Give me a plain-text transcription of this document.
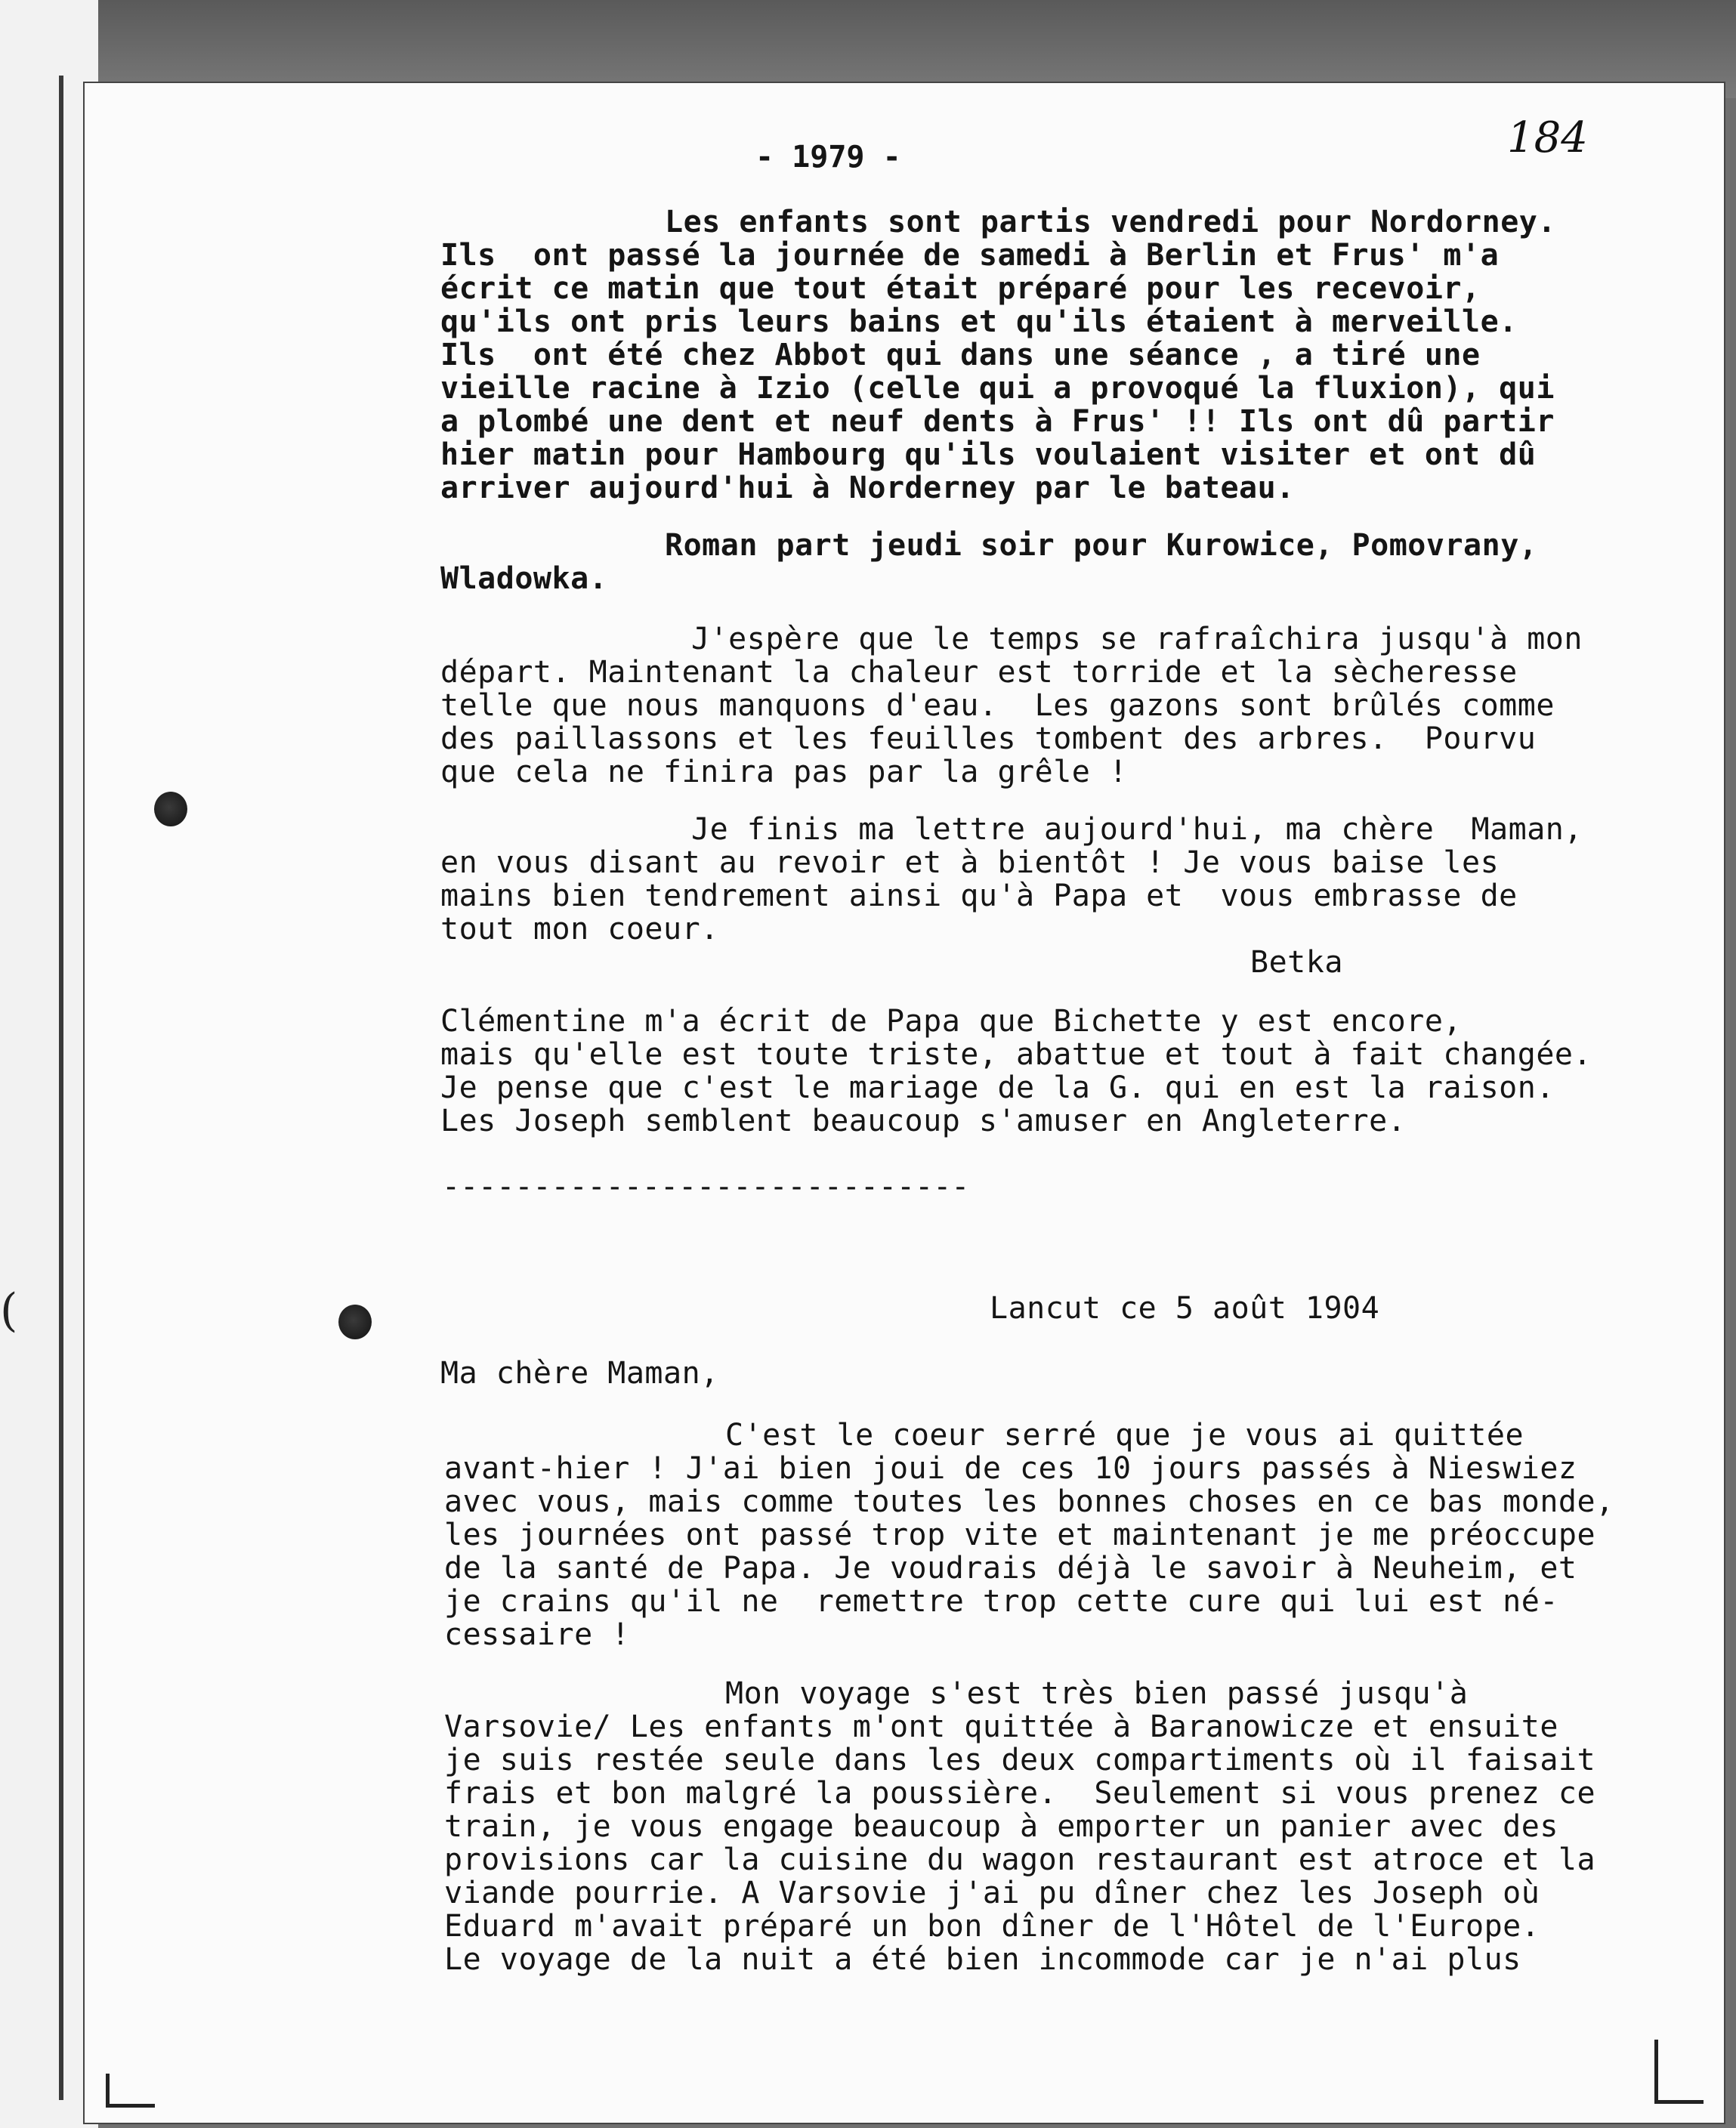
(
- 1979 -	184
Les enfants sont partis vendredi pour Nordorney.
Ils  ont passé la journée de samedi à Berlin et Frus' m'a
écrit ce matin que tout était préparé pour les recevoir,
qu'ils ont pris leurs bains et qu'ils étaient à merveille.
Ils  ont été chez Abbot qui dans une séance , a tiré une
vieille racine à Izio (celle qui a provoqué la fluxion), qui
a plombé une dent et neuf dents à Frus' !! Ils ont dû partir
hier matin pour Hambourg qu'ils voulaient visiter et ont dû
arriver aujourd'hui à Norderney par le bateau.
Roman part jeudi soir pour Kurowice, Pomovrany,
Wladowka.
J'espère que le temps se rafraîchira jusqu'à mon
départ. Maintenant la chaleur est torride et la sècheresse
telle que nous manquons d'eau.  Les gazons sont brûlés comme
des paillassons et les feuilles tombent des arbres.  Pourvu
que cela ne finira pas par la grêle !
Je finis ma lettre aujourd'hui, ma chère  Maman,
en vous disant au revoir et à bientôt ! Je vous baise les
mains bien tendrement ainsi qu'à Papa et  vous embrasse de
tout mon coeur.
Betka
Clémentine m'a écrit de Papa que Bichette y est encore,
mais qu'elle est toute triste, abattue et tout à fait changée.
Je pense que c'est le mariage de la G. qui en est la raison.
Les Joseph semblent beaucoup s'amuser en Angleterre.
-----------------------------
Lancut ce 5 août 1904
Ma chère Maman,
C'est le coeur serré que je vous ai quittée
avant-hier ! J'ai bien joui de ces 10 jours passés à Nieswiez
avec vous, mais comme toutes les bonnes choses en ce bas monde,
les journées ont passé trop vite et maintenant je me préoccupe
de la santé de Papa. Je voudrais déjà le savoir à Neuheim, et
je crains qu'il ne  remettre trop cette cure qui lui est né-
cessaire !
Mon voyage s'est très bien passé jusqu'à
Varsovie/ Les enfants m'ont quittée à Baranowicze et ensuite
je suis restée seule dans les deux compartiments où il faisait
frais et bon malgré la poussière.  Seulement si vous prenez ce
train, je vous engage beaucoup à emporter un panier avec des
provisions car la cuisine du wagon restaurant est atroce et la
viande pourrie. A Varsovie j'ai pu dîner chez les Joseph où
Eduard m'avait préparé un bon dîner de l'Hôtel de l'Europe.
Le voyage de la nuit a été bien incommode car je n'ai plus
